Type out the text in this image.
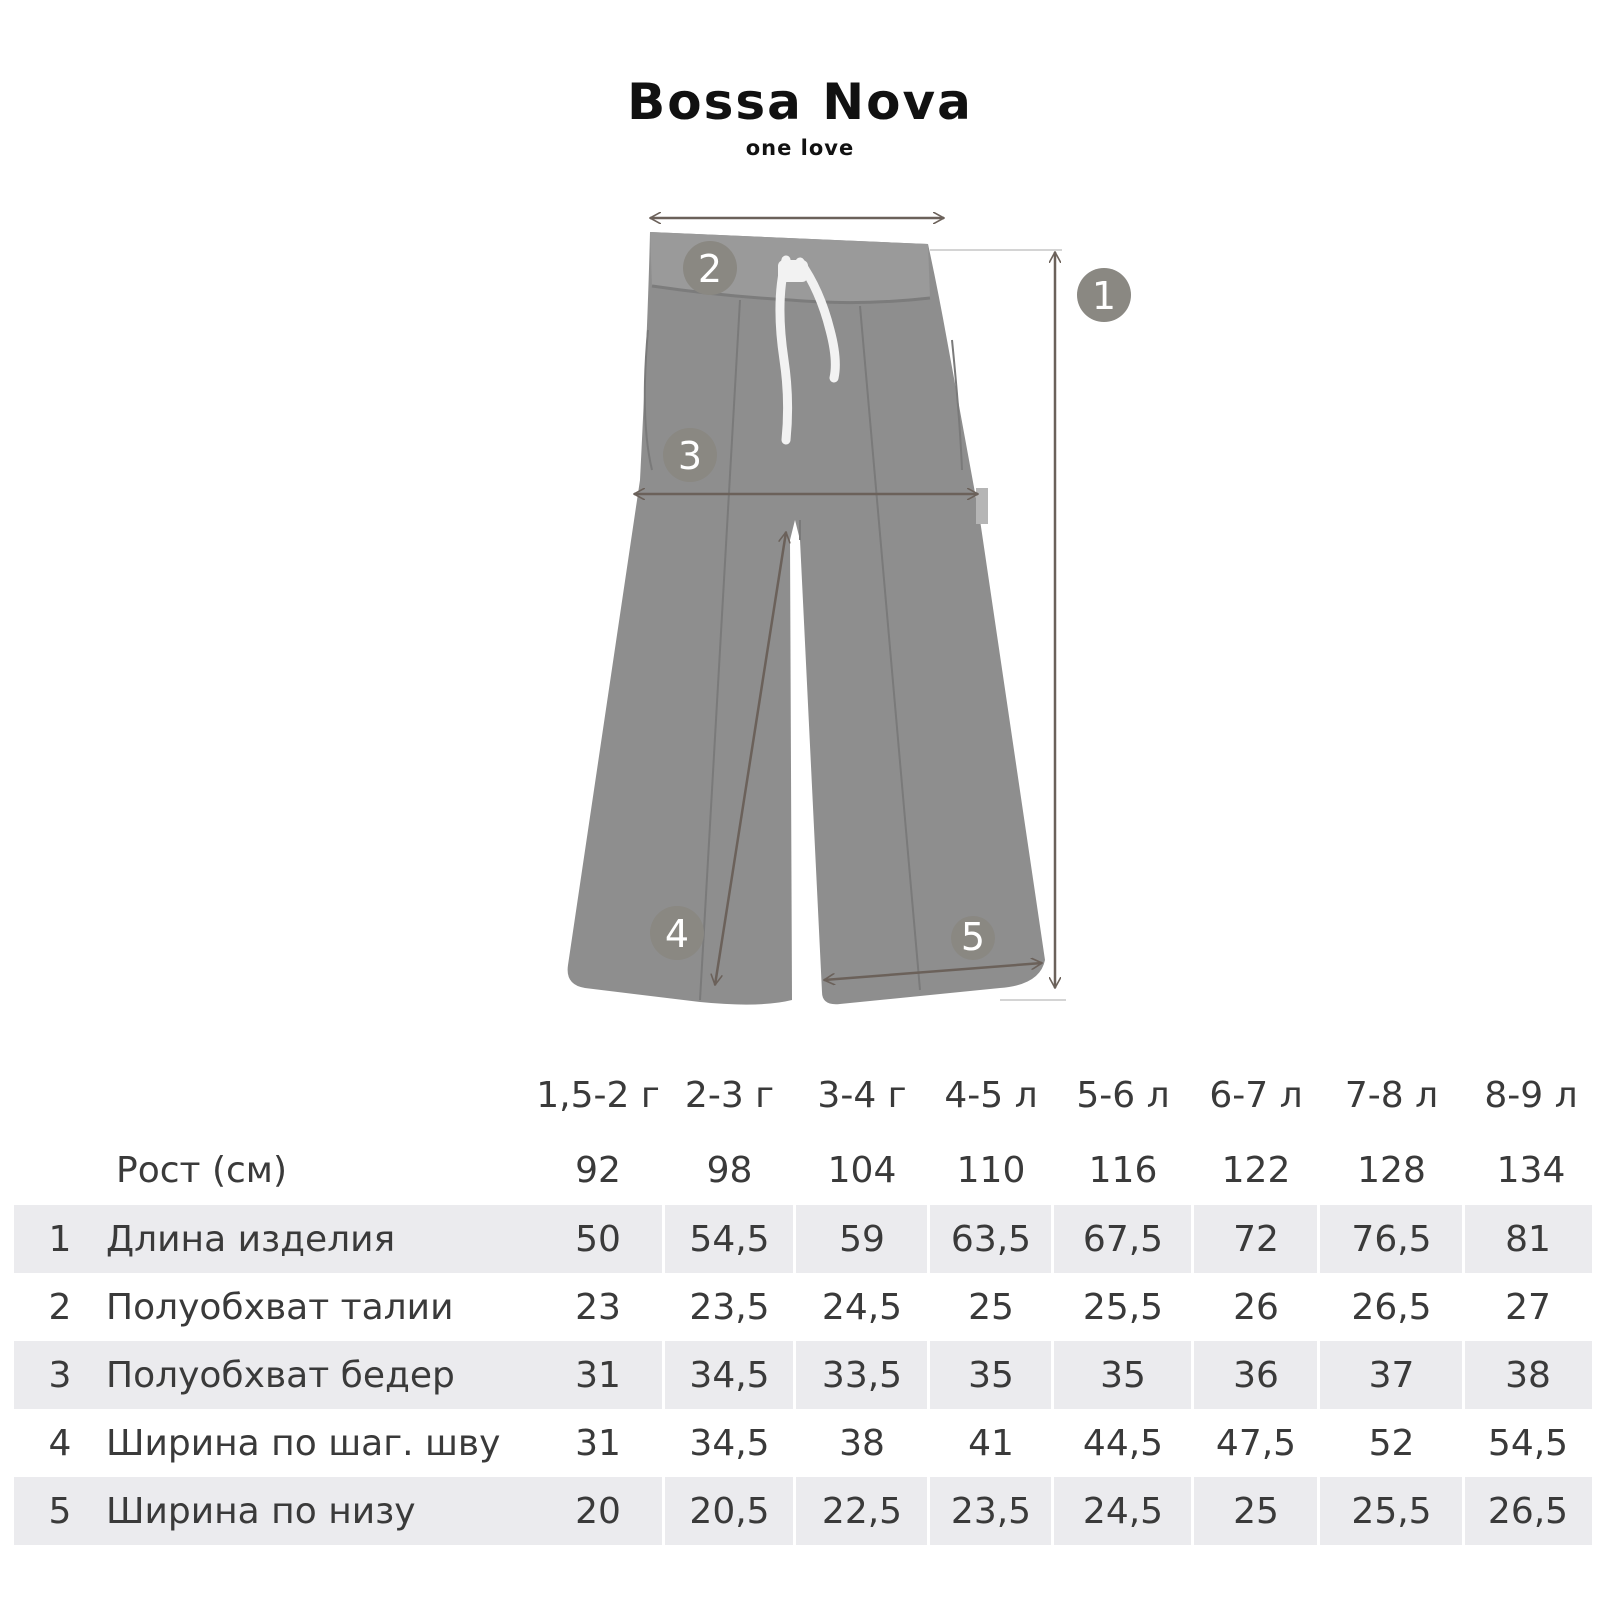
Bossa Nova
one love
1
2
3
4	5
1,5-2 г 2-3 г	3-4 г	4-5 л	5-6 л	6-7 л	7-8 л	8-9 л
Рост (см)	92	98	104	110	116	122	128	134
1 Длина изделия	50	54,5	59	63,5	67,5	72	76,5	81
2 Полуобхват талии	23	23,5	24,5	25	25,5	26	26,5	27
3 Полуобхват бедер	31	34,5	33,5	35	35	36	37	38
4 Ширина по шаг. шву	31	34,5	38	41	44,5	47,5	52	54,5
5 Ширина по низу	20	20,5	22,5	23,5	24,5	25	25,5	26,5
